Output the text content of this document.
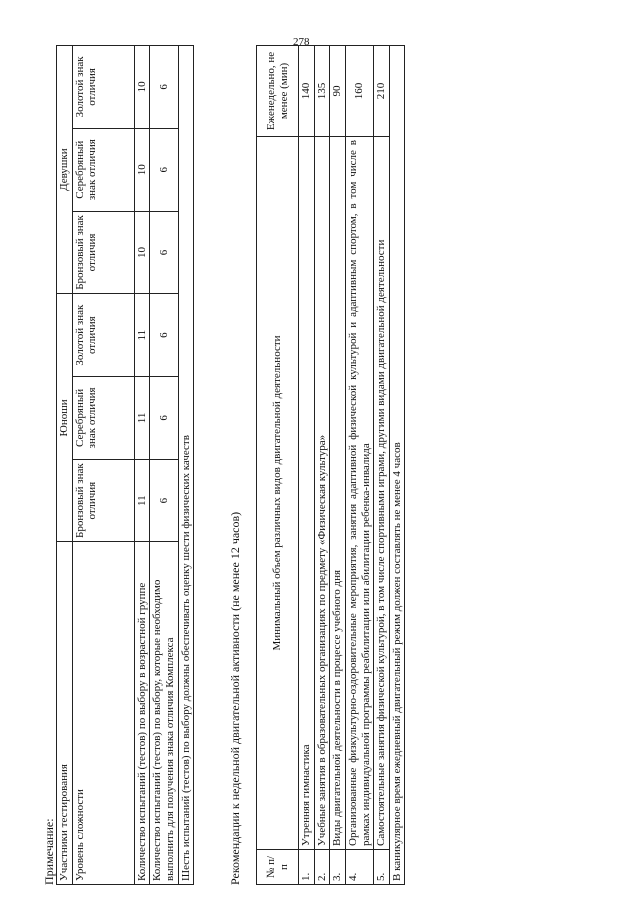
278
Примечание: Участники тестирования	Юноши			Девушки		
Уровень сложности	Бронзовый знак отличия	Серебряный знак отличия	Золотой знак отличия	Бронзовый знак отличия	Серебряный знак отличия	Золотой знак отличия
Количество испытаний (тестов) по выбору в возрастной группе	11	11	11	10	10	10
Количество испытаний (тестов) по выбору, которые необходимо выполнить для получения знака отличия Комплекса	6	6	6	6	6	6
Шесть испытаний (тестов) по выбору должны обеспечивать оценку шести физических качеств							Рекомендации к недельной двигательной активности (не менее 12 часов) № п/п	Минимальный объем различных видов двигательной деятельности	Еженедельно, не менее (мин)
1.	Утренняя гимнастика	140
2.	Учебные занятия в образовательных организациях по предмету «Физическая культура»	135
3.	Виды двигательной деятельности в процессе учебного дня	90
4.	Организованные физкультурно-оздоровительные мероприятия, занятия адаптивной физической культурой и адаптивным спортом, в том числе в рамках индивидуальной программы реабилитации или абилитации ребенка-инвалида	160
5.	Самостоятельные занятия физической культурой, в том числе спортивными играми, другими видами двигательной деятельности	210
В каникулярное время ежедневный двигательный режим должен составлять не менее 4 часов		
